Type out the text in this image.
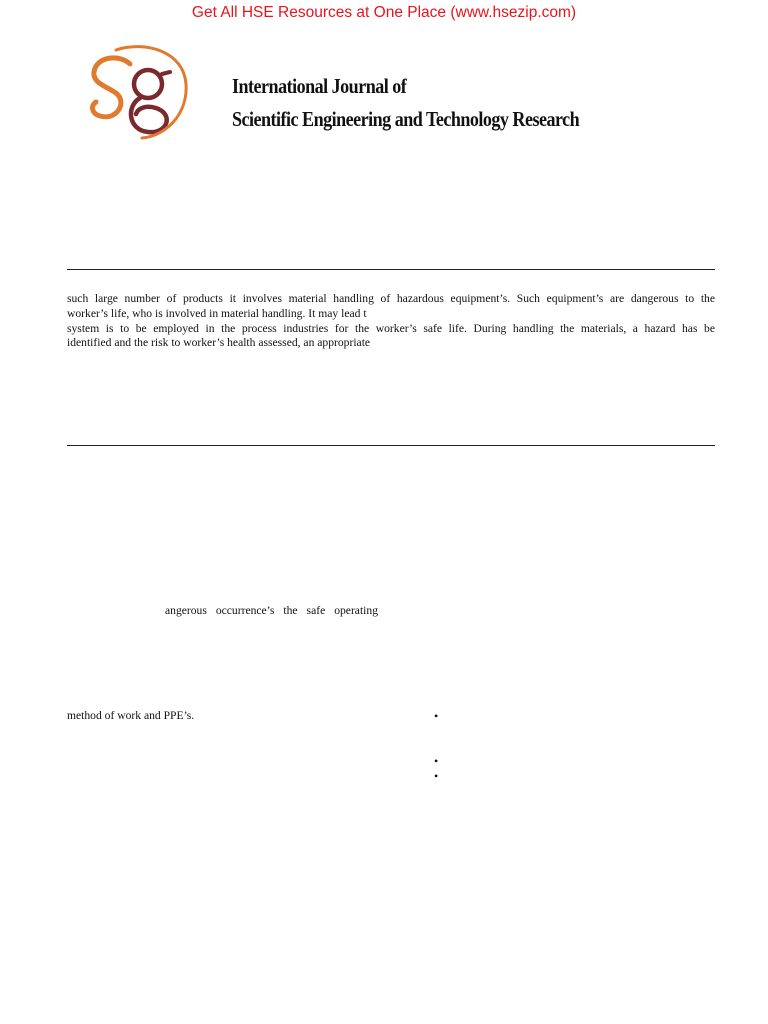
Get All HSE Resources at One Place (www.hsezip.com)
International Journal of
Scientific Engineering and Technology Research
such large number of products it involves material handling of hazardous equipment’s. Such equipment’s are dangerous to the
worker’s life, who is involved in material handling. It may lead t
system is to be employed in the process industries for the worker’s safe life. During handling the materials, a hazard has be
identified and the risk to worker’s health assessed, an appropriate
angerous occurrence’s the safe operating
method of work and PPE’s.	•
•
•
